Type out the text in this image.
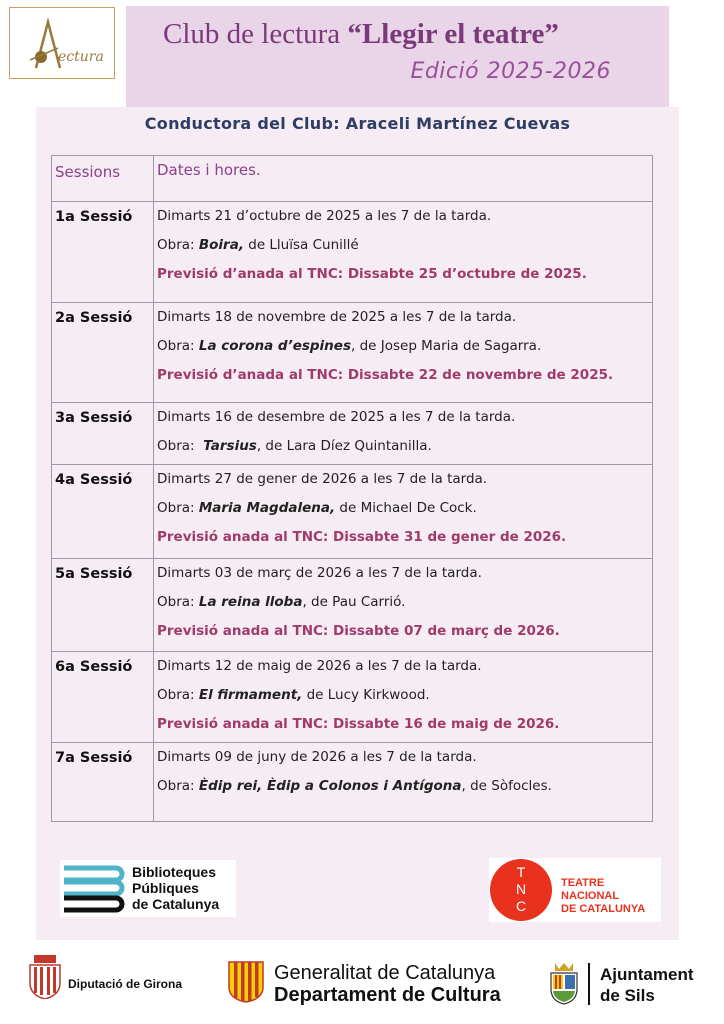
ectura
Club de lectura “Llegir el teatre”
Edició 2025-2026
Conductora del Club: Araceli Martínez Cuevas
Sessions	Dates i hores.
1a Sessió	Dimarts 21 d’octubre de 2025 a les 7 de la tarda.
Obra: Boira, de Lluïsa Cunillé
Previsió d’anada al TNC: Dissabte 25 d’octubre de 2025.

2a Sessió	Dimarts 18 de novembre de 2025 a les 7 de la tarda.
Obra: La corona d’espines, de Josep Maria de Sagarra.
Previsió d’anada al TNC: Dissabte 22 de novembre de 2025.

3a Sessió	Dimarts 16 de desembre de 2025 a les 7 de la tarda.
Obra:  Tarsius, de Lara Díez Quintanilla.

4a Sessió	Dimarts 27 de gener de 2026 a les 7 de la tarda.
Obra: Maria Magdalena, de Michael De Cock.
Previsió anada al TNC: Dissabte 31 de gener de 2026.

5a Sessió	Dimarts 03 de març de 2026 a les 7 de la tarda.
Obra: La reina lloba, de Pau Carrió.
Previsió anada al TNC: Dissabte 07 de març de 2026.

6a Sessió	Dimarts 12 de maig de 2026 a les 7 de la tarda.
Obra: El firmament, de Lucy Kirkwood.
Previsió anada al TNC: Dissabte 16 de maig de 2026.

7a Sessió	Dimarts 09 de juny de 2026 a les 7 de la tarda.
Obra: Èdip rei, Èdip a Colonos i Antígona, de Sòfocles.
Biblioteques
Públiques
de Catalunya
TNC
TEATRE NACIONAL
DE CATALUNYA
Diputació de Girona	Generalitat de Catalunya
Departament de Cultura
Ajuntament
de Sils
